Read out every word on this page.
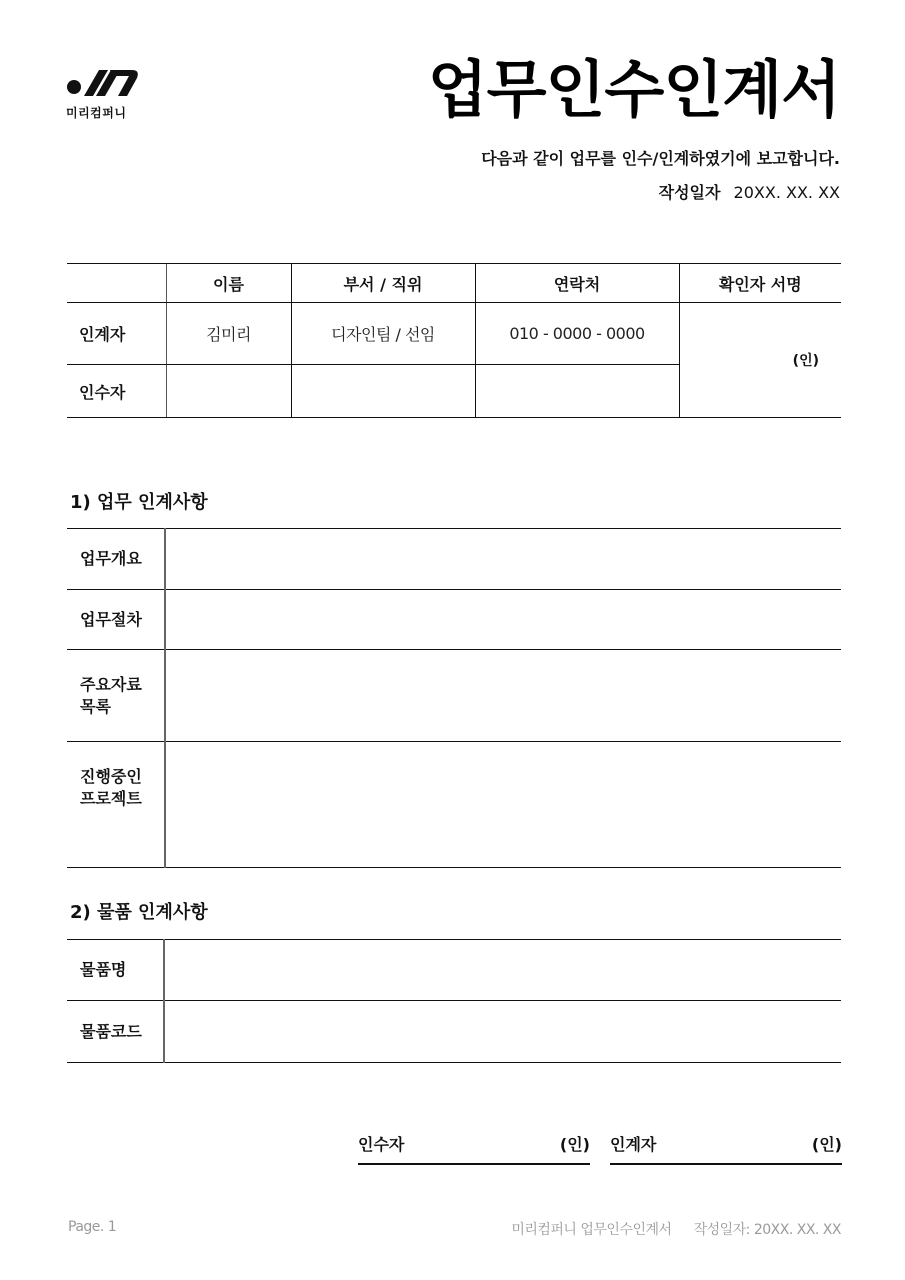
미리컴퍼니	업무인수인계서
다음과 같이 업무를 인수/인계하였기에 보고합니다.
작성일자 20XX. XX. XX
	이름	부서 / 직위	연락처	확인자 서명
인계자	김미리	디자인팀 / 선임	010 - 0000 - 0000	(인)
인수자				
1) 업무 인계사항
업무개요	
업무절차	

주요자료
목록	

진행중인
프로젝트	

2) 물품 인계사항
물품명	
물품코드	
인수자	(인) 인계자	(인)
Page. 1	미리컴퍼니 업무인수인계서 작성일자: 20XX. XX. XX
